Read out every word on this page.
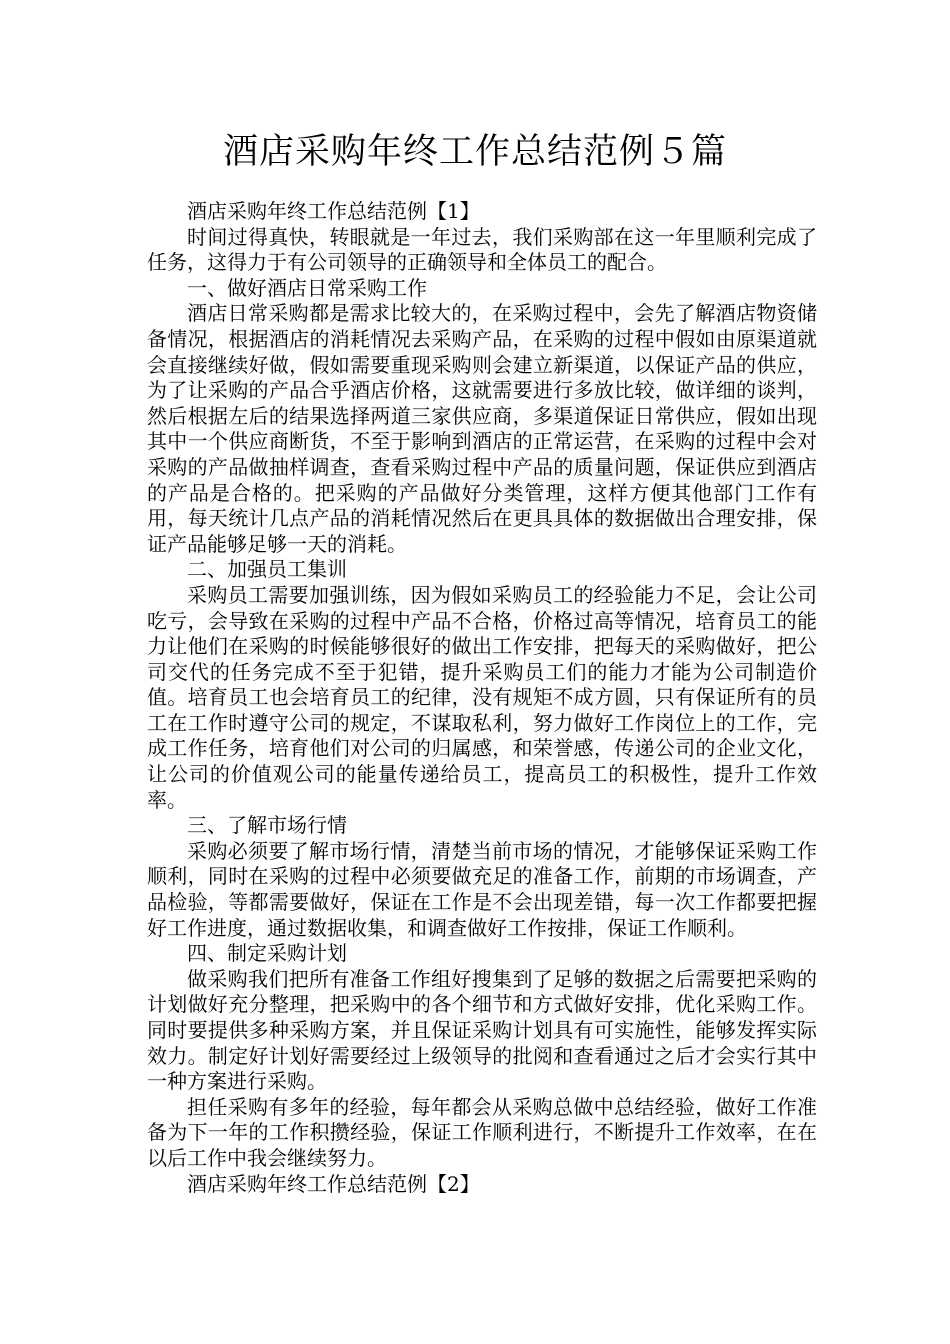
酒店采购年终工作总结范例５篇

酒店采购年终工作总结范例【1】

时间过得真快，转眼就是一年过去，我们采购部在这一年里顺利完成了任务，这得力于有公司领导的正确领导和全体员工的配合。

一、做好酒店日常采购工作

酒店日常采购都是需求比较大的，在采购过程中，会先了解酒店物资储备情况，根据酒店的消耗情况去采购产品，在采购的过程中假如由原渠道就会直接继续好做，假如需要重现采购则会建立新渠道，以保证产品的供应，为了让采购的产品合乎酒店价格，这就需要进行多放比较，做详细的谈判，然后根据左后的结果选择两道三家供应商，多渠道保证日常供应，假如出现其中一个供应商断货，不至于影响到酒店的正常运营，在采购的过程中会对采购的产品做抽样调查，查看采购过程中产品的质量问题，保证供应到酒店的产品是合格的。把采购的产品做好分类管理，这样方便其他部门工作有用，每天统计几点产品的消耗情况然后在更具具体的数据做出合理安排，保证产品能够足够一天的消耗。

二、加强员工集训

采购员工需要加强训练，因为假如采购员工的经验能力不足，会让公司吃亏，会导致在采购的过程中产品不合格，价格过高等情况，培育员工的能力让他们在采购的时候能够很好的做出工作安排，把每天的采购做好，把公司交代的任务完成不至于犯错，提升采购员工们的能力才能为公司制造价值。培育员工也会培育员工的纪律，没有规矩不成方圆，只有保证所有的员工在工作时遵守公司的规定，不谋取私利，努力做好工作岗位上的工作，完成工作任务，培育他们对公司的归属感，和荣誉感，传递公司的企业文化，让公司的价值观公司的能量传递给员工，提高员工的积极性，提升工作效率。

三、了解市场行情

采购必须要了解市场行情，清楚当前市场的情况，才能够保证采购工作顺利，同时在采购的过程中必须要做充足的准备工作，前期的市场调查，产品检验，等都需要做好，保证在工作是不会出现差错，每一次工作都要把握好工作进度，通过数据收集，和调查做好工作按排，保证工作顺利。

四、制定采购计划

做采购我们把所有准备工作组好搜集到了足够的数据之后需要把采购的计划做好充分整理，把采购中的各个细节和方式做好安排，优化采购工作。同时要提供多种采购方案，并且保证采购计划具有可实施性，能够发挥实际效力。制定好计划好需要经过上级领导的批阅和查看通过之后才会实行其中一种方案进行采购。

担任采购有多年的经验，每年都会从采购总做中总结经验，做好工作准备为下一年的工作积攒经验，保证工作顺利进行，不断提升工作效率，在在以后工作中我会继续努力。

酒店采购年终工作总结范例【2】
